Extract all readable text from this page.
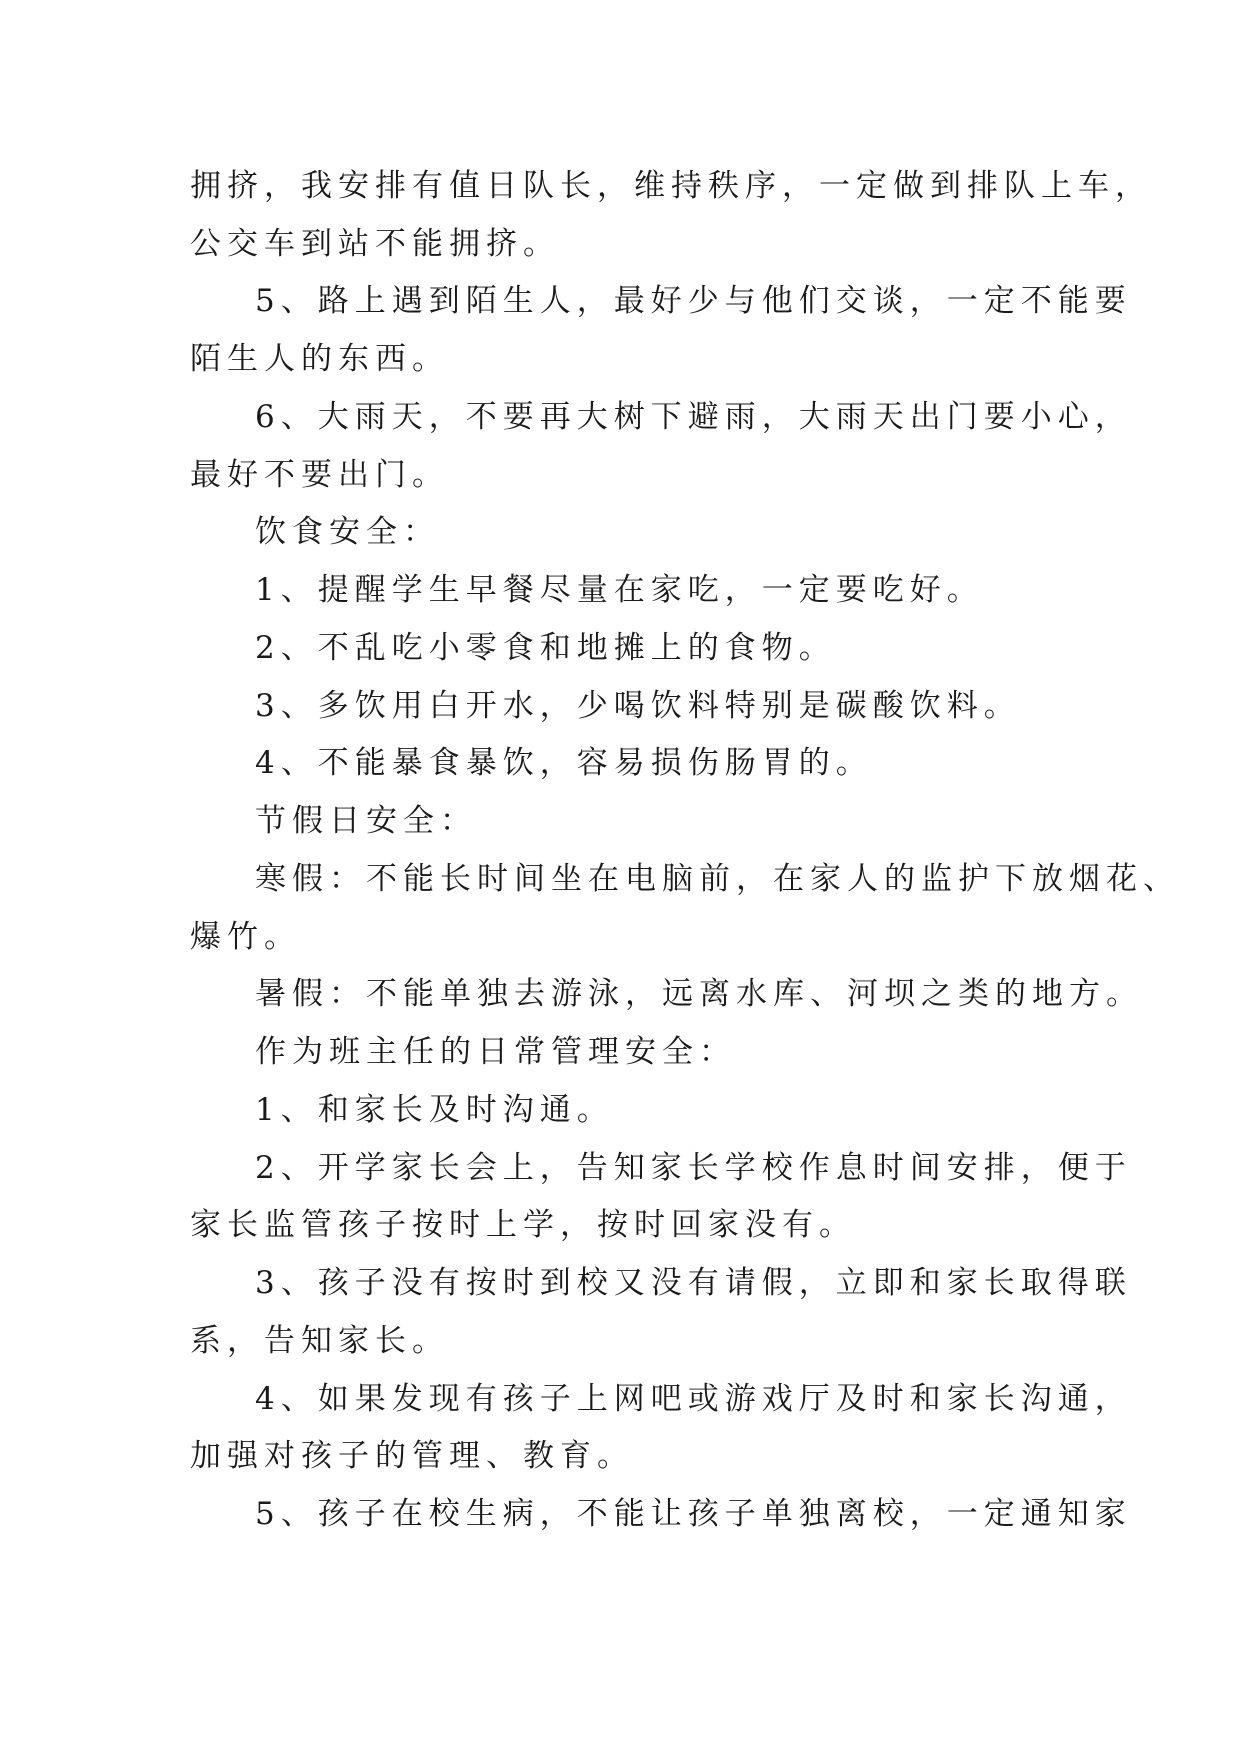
拥挤，我安排有值日队长，维持秩序，一定做到排队上车，
公交车到站不能拥挤。
5、路上遇到陌生人，最好少与他们交谈，一定不能要
陌生人的东西。
6、大雨天，不要再大树下避雨，大雨天出门要小心，
最好不要出门。
饮食安全：
1、提醒学生早餐尽量在家吃，一定要吃好。
2、不乱吃小零食和地摊上的食物。
3、多饮用白开水，少喝饮料特别是碳酸饮料。
4、不能暴食暴饮，容易损伤肠胃的。
节假日安全：
寒假：不能长时间坐在电脑前，在家人的监护下放烟花、
爆竹。
暑假：不能单独去游泳，远离水库、河坝之类的地方。
作为班主任的日常管理安全：
1、和家长及时沟通。
2、开学家长会上，告知家长学校作息时间安排，便于
家长监管孩子按时上学，按时回家没有。
3、孩子没有按时到校又没有请假，立即和家长取得联
系，告知家长。
4、如果发现有孩子上网吧或游戏厅及时和家长沟通，
加强对孩子的管理、教育。
5、孩子在校生病，不能让孩子单独离校，一定通知家
